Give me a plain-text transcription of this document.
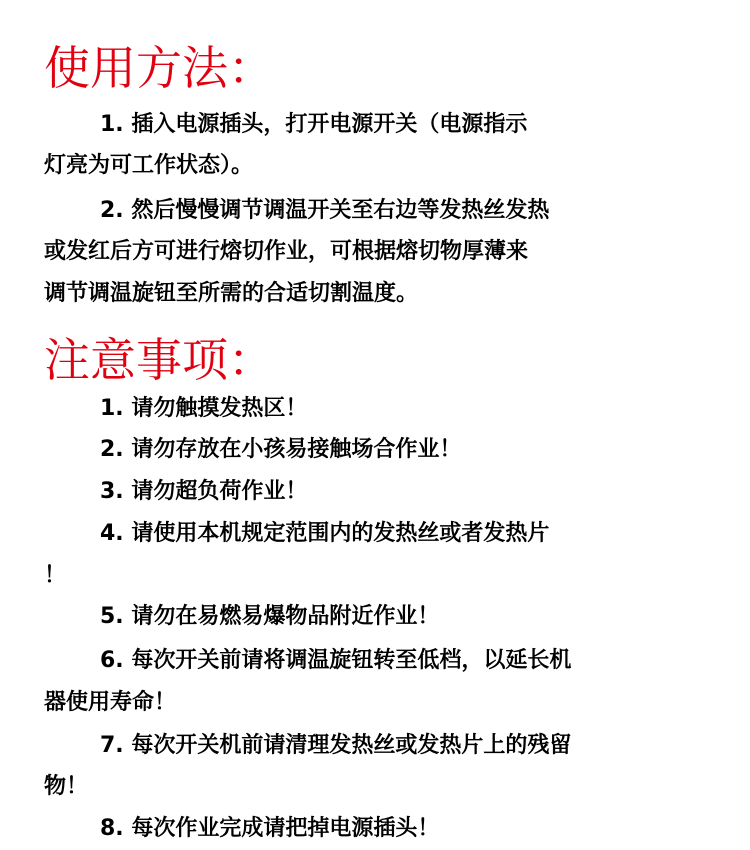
使用方法：

1. 插入电源插头，打开电源开关（电源指示

灯亮为可工作状态）。

2. 然后慢慢调节调温开关至右边等发热丝发热

或发红后方可进行熔切作业，可根据熔切物厚薄来

调节调温旋钮至所需的合适切割温度。

注意事项：

1. 请勿触摸发热区！

2. 请勿存放在小孩易接触场合作业！

3. 请勿超负荷作业！

4. 请使用本机规定范围内的发热丝或者发热片

！

5. 请勿在易燃易爆物品附近作业！

6. 每次开关前请将调温旋钮转至低档，以延长机

器使用寿命！

7. 每次开关机前请清理发热丝或发热片上的残留

物！

8. 每次作业完成请把掉电源插头！
